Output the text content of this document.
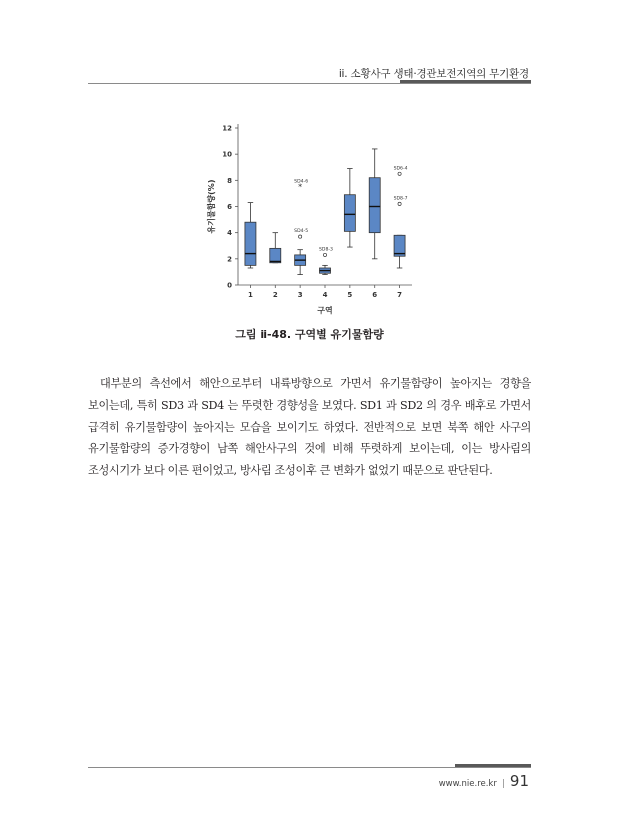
ii. 소황사구 생태·경관보전지역의 무기환경
0
2
4
6
8
10
12
1	2	3	4	5	6	7
구역
유기물함량(%)	*
SD4-6
SD4-5
SD8-3
SD6-4
SD8-7
그림 ⅱ-48. 구역별 유기물함량
대부분의 측선에서 해안으로부터 내륙방향으로 가면서 유기물함량이 높아지는 경향을 보이는데, 특히 SD3 과 SD4 는 뚜렷한 경향성을 보였다. SD1 과 SD2 의 경우 배후로 가면서 급격히 유기물함량이 높아지는 모습을 보이기도 하였다. 전반적으로 보면 북쪽 해안 사구의 유기물함량의 증가경향이 남쪽 해안사구의 것에 비해 뚜렷하게 보이는데, 이는 방사림의 조성시기가 보다 이른 편이었고, 방사림 조성이후 큰 변화가 없었기 때문으로 판단된다.
www.nie.re.kr | 91
